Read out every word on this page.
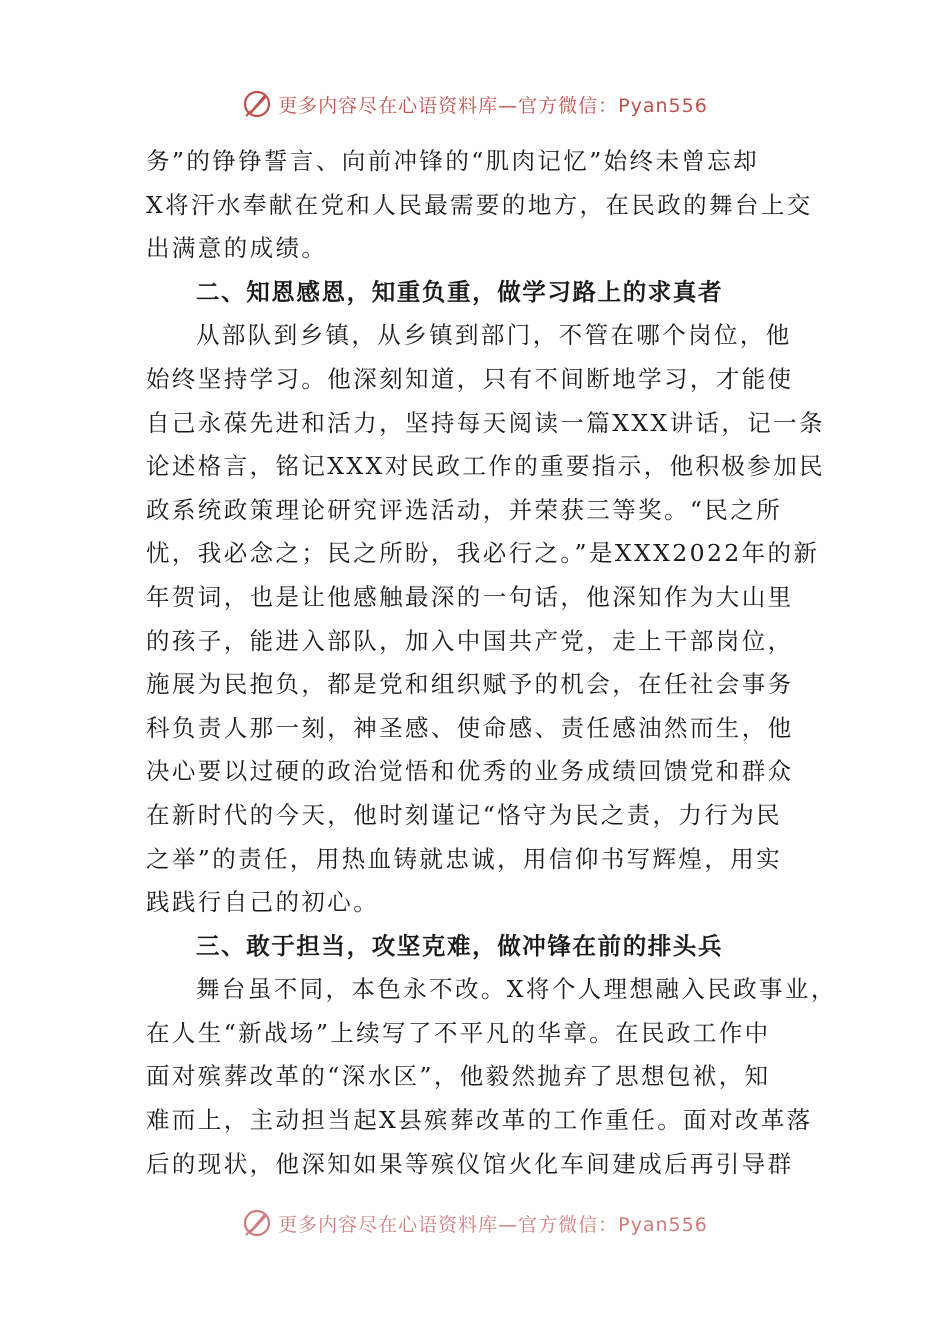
更多内容尽在心语资料库—官方微信：Pyan556
务”的铮铮誓言、向前冲锋的“肌肉记忆”始终未曾忘却
X将汗水奉献在党和人民最需要的地方，在民政的舞台上交
出满意的成绩。
二、知恩感恩，知重负重，做学习路上的求真者
从部队到乡镇，从乡镇到部门，不管在哪个岗位，他
始终坚持学习。他深刻知道，只有不间断地学习，才能使
自己永葆先进和活力，坚持每天阅读一篇XXX讲话，记一条
论述格言，铭记XXX对民政工作的重要指示，他积极参加民
政系统政策理论研究评选活动，并荣获三等奖。“民之所
忧，我必念之；民之所盼，我必行之。”是XXX2022年的新
年贺词，也是让他感触最深的一句话，他深知作为大山里
的孩子，能进入部队，加入中国共产党，走上干部岗位，
施展为民抱负，都是党和组织赋予的机会，在任社会事务
科负责人那一刻，神圣感、使命感、责任感油然而生，他
决心要以过硬的政治觉悟和优秀的业务成绩回馈党和群众
在新时代的今天，他时刻谨记“恪守为民之责，力行为民
之举”的责任，用热血铸就忠诚，用信仰书写辉煌，用实
践践行自己的初心。
三、敢于担当，攻坚克难，做冲锋在前的排头兵
舞台虽不同，本色永不改。X将个人理想融入民政事业，
在人生“新战场”上续写了不平凡的华章。在民政工作中
面对殡葬改革的“深水区”，他毅然抛弃了思想包袱，知
难而上，主动担当起X县殡葬改革的工作重任。面对改革落
后的现状，他深知如果等殡仪馆火化车间建成后再引导群
更多内容尽在心语资料库—官方微信：Pyan556
